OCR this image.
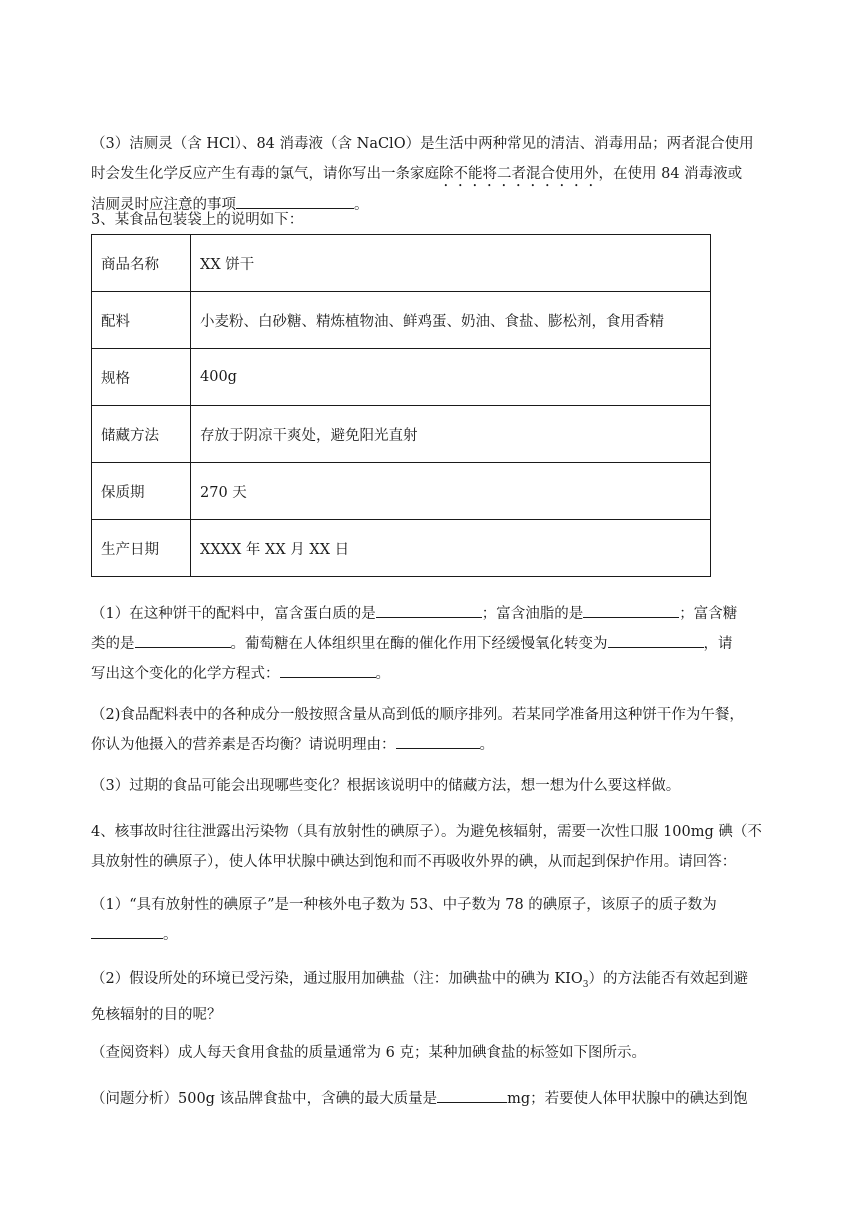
（3）洁厕灵（含 HCl）、84 消毒液（含 NaClO）是生活中两种常见的清洁、消毒用品；两者混合使用
时会发生化学反应产生有毒的氯气，请你写出一条家庭除不能将二者混合使用外，在使用 84 消毒液或
洁厕灵时应注意的事项	。
3、某食品包装袋上的说明如下：
商品名称	XX 饼干
配料	小麦粉、白砂糖、精炼植物油、鲜鸡蛋、奶油、食盐、膨松剂，食用香精
规格	400g
储藏方法	存放于阴凉干爽处，避免阳光直射
保质期	270 天
生产日期	XXXX 年 XX 月 XX 日
（1）在这种饼干的配料中，富含蛋白质的是	；富含油脂的是	；富含糖
类的是	。葡萄糖在人体组织里在酶的催化作用下经缓慢氧化转变为	，请
写出这个变化的化学方程式：	。
（2)食品配料表中的各种成分一般按照含量从高到低的顺序排列。若某同学准备用这种饼干作为午餐，
你认为他摄入的营养素是否均衡？请说明理由：	。
（3）过期的食品可能会出现哪些变化？根据该说明中的储藏方法，想一想为什么要这样做。
4、核事故时往往泄露出污染物（具有放射性的碘原子）。为避免核辐射，需要一次性口服 100mg 碘（不
具放射性的碘原子），使人体甲状腺中碘达到饱和而不再吸收外界的碘，从而起到保护作用。请回答：
（1）“具有放射性的碘原子”是一种核外电子数为 53、中子数为 78 的碘原子，该原子的质子数为
。
（2）假设所处的环境已受污染，通过服用加碘盐（注：加碘盐中的碘为 $KIO_3$）的方法能否有效起到避
免核辐射的目的呢？
（查阅资料）成人每天食用食盐的质量通常为 6 克；某种加碘食盐的标签如下图所示。
（问题分析）500g 该品牌食盐中，含碘的最大质量是	mg；若要使人体甲状腺中的碘达到饱
